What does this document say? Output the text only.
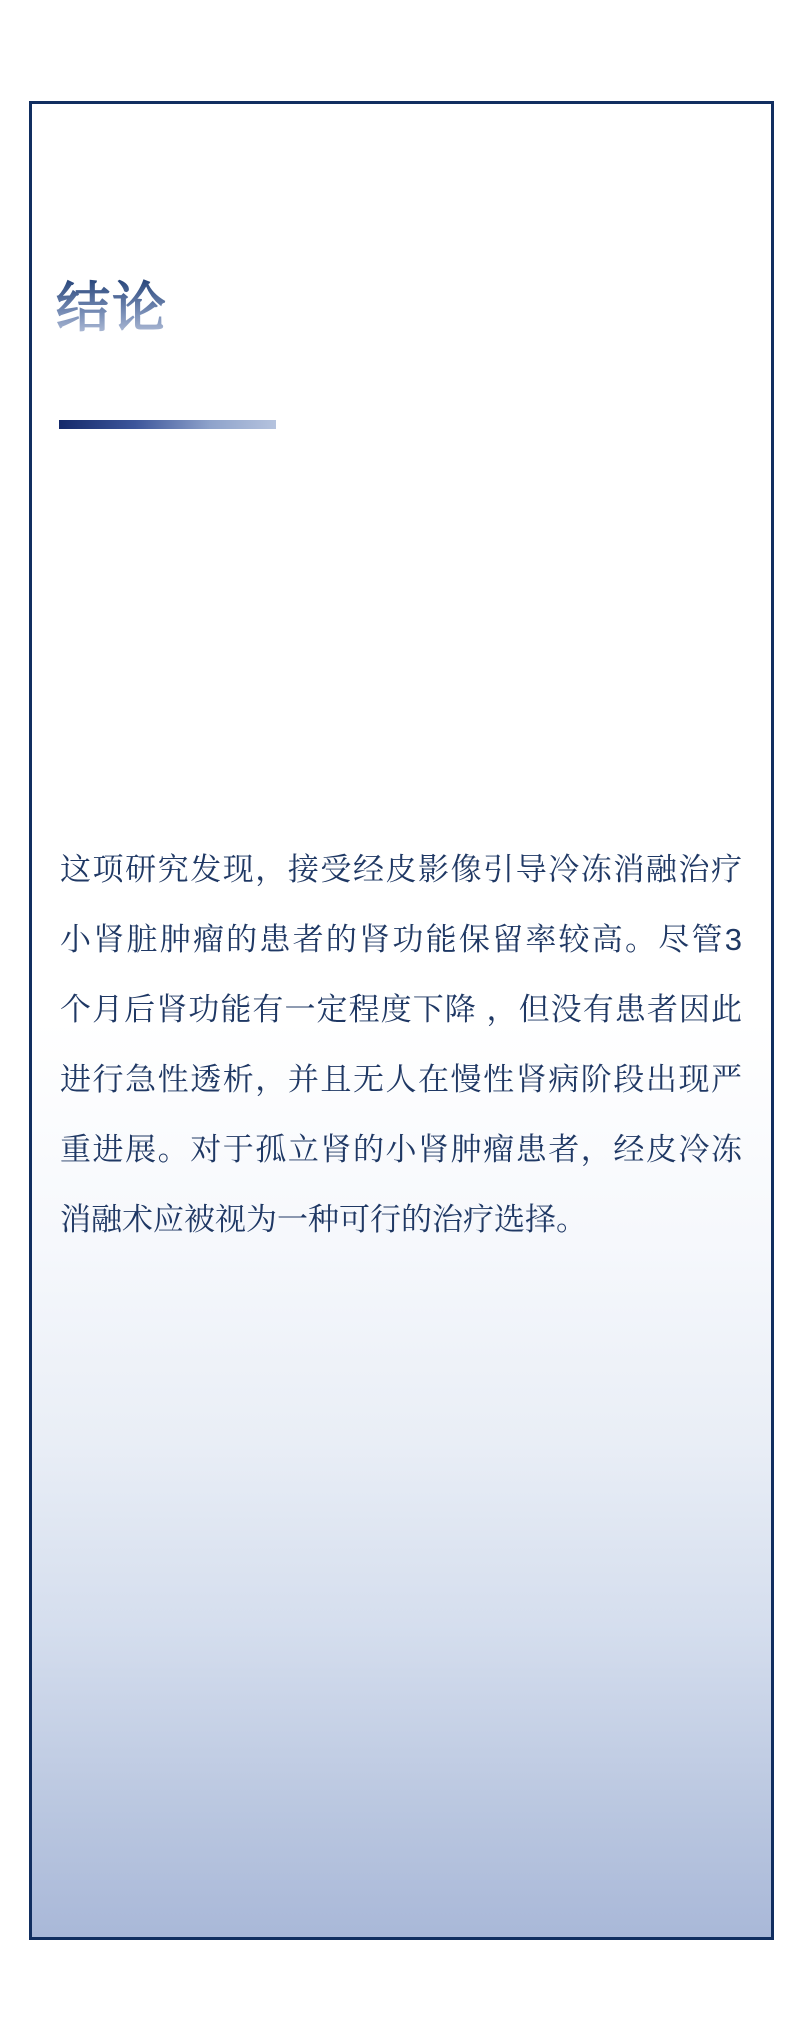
结论
这项研究发现，接受经皮影像引导冷冻消融治疗
小肾脏肿瘤的患者的肾功能保留率较高。尽管3
个月后肾功能有一定程度下降 ，但没有患者因此
进行急性透析，并且无人在慢性肾病阶段出现严
重进展。对于孤立肾的小肾肿瘤患者，经皮冷冻
消融术应被视为一种可行的治疗选择。
